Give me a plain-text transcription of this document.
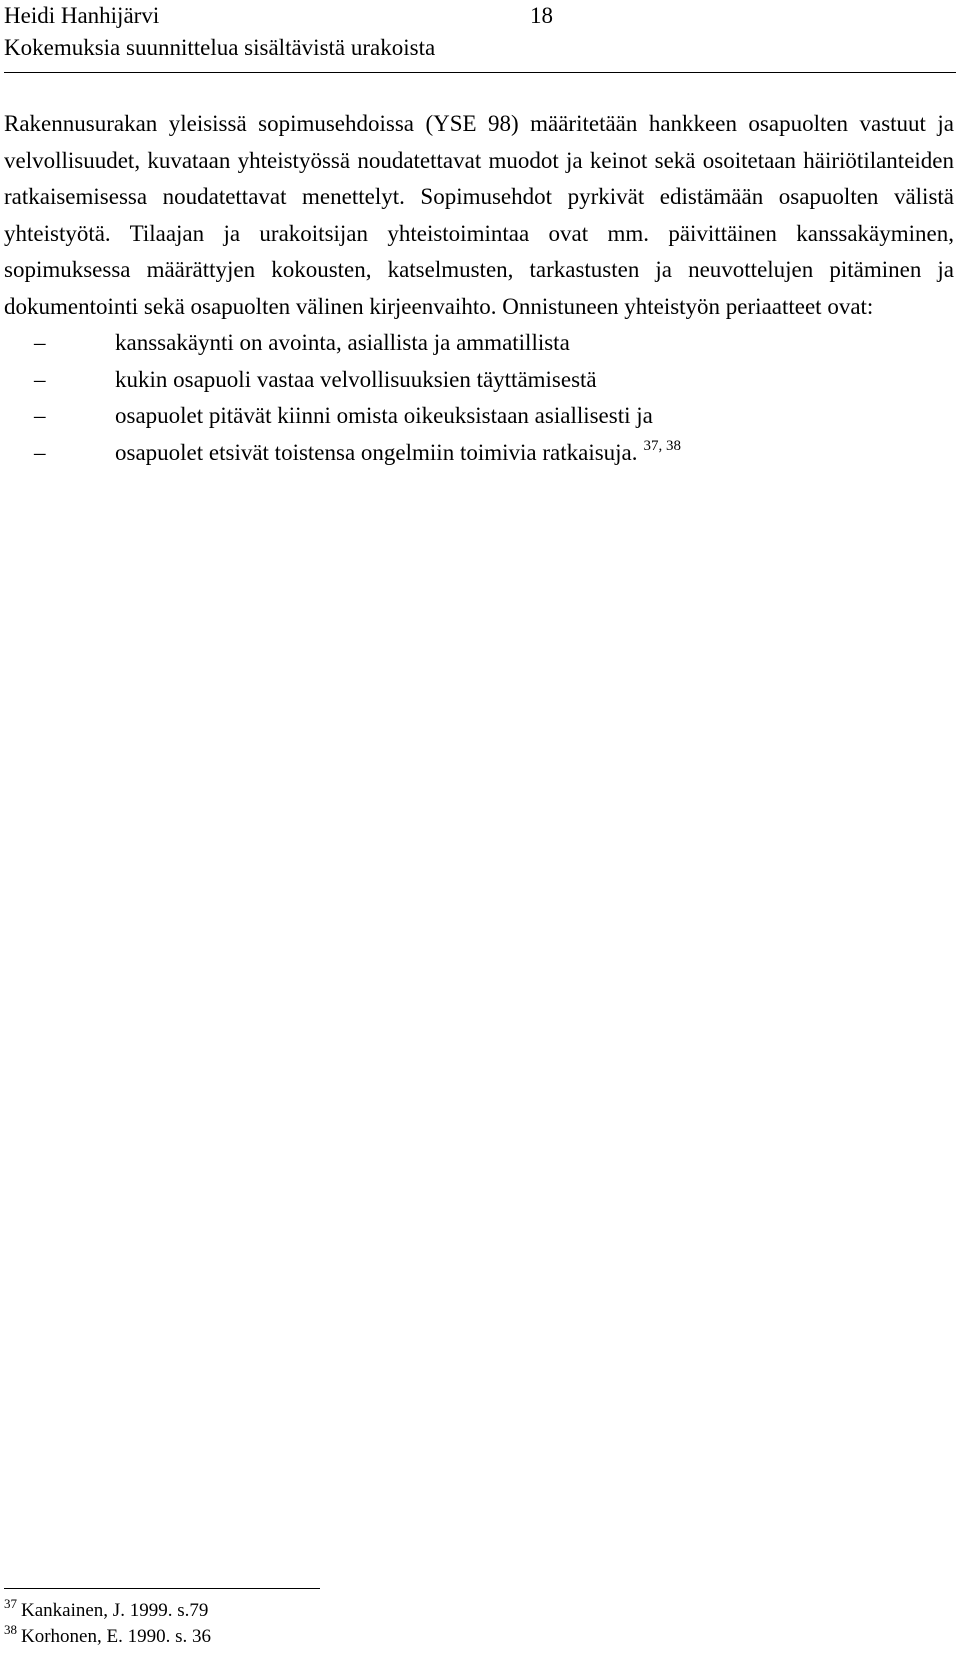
Heidi Hanhijärvi	18
Kokemuksia suunnittelua sisältävistä urakoista

Rakennusurakan yleisissä sopimusehdoissa (YSE 98) määritetään hankkeen osapuolten vastuut ja velvollisuudet, kuvataan yhteistyössä noudatettavat muodot ja keinot sekä osoitetaan häiriötilanteiden ratkaisemisessa noudatettavat menettelyt. Sopimusehdot pyrkivät edistämään osapuolten välistä yhteistyötä. Tilaajan ja urakoitsijan yhteistoimintaa ovat mm. päivittäinen kanssakäyminen, sopimuksessa määrättyjen kokousten, katselmusten, tarkastusten ja neuvottelujen pitäminen ja dokumentointi sekä osapuolten välinen kirjeenvaihto. Onnistuneen yhteistyön periaatteet ovat:

–	kanssakäynti on avointa, asiallista ja ammatillista
–	kukin osapuoli vastaa velvollisuuksien täyttämisestä
–	osapuolet pitävät kiinni omista oikeuksistaan asiallisesti ja
–	osapuolet etsivät toistensa ongelmiin toimivia ratkaisuja. $^{37, 38}$
$^{37}$ Kankainen, J. 1999. s.79
$^{38}$ Korhonen, E. 1990. s. 36
